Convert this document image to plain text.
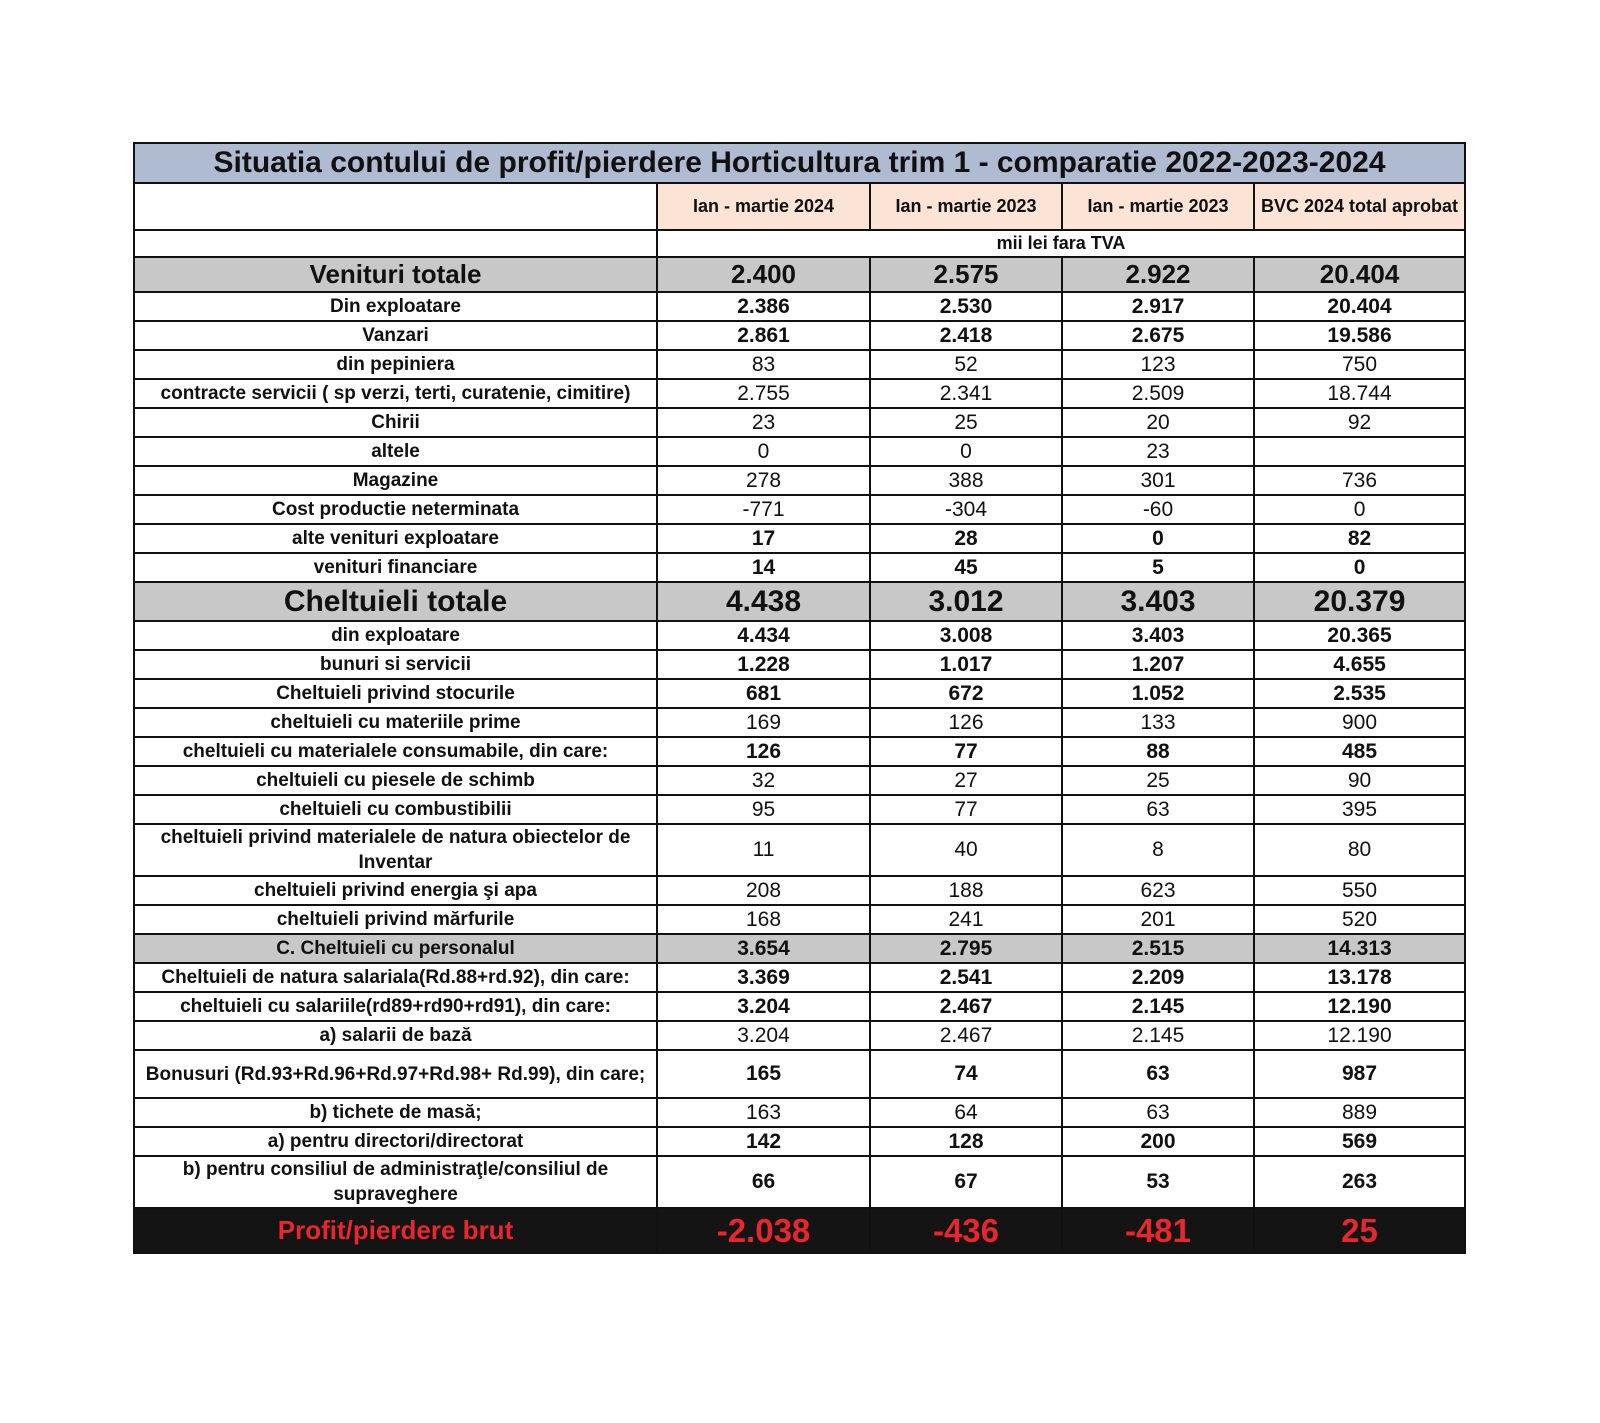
Situatia contului de profit/pierdere Horticultura trim 1 - comparatie 2022-2023-2024				
	Ian - martie 2024	Ian - martie 2023	Ian - martie 2023	BVC 2024 total aprobat
	mii lei fara TVA			
Venituri totale	2.400	2.575	2.922	20.404
Din exploatare	2.386	2.530	2.917	20.404
Vanzari	2.861	2.418	2.675	19.586
din pepiniera	83	52	123	750
contracte servicii ( sp verzi, terti, curatenie, cimitire)	2.755	2.341	2.509	18.744
Chirii	23	25	20	92
altele	0	0	23	
Magazine	278	388	301	736
Cost productie neterminata	-771	-304	-60	0
alte venituri exploatare	17	28	0	82
venituri financiare	14	45	5	0
Cheltuieli totale	4.438	3.012	3.403	20.379
din exploatare	4.434	3.008	3.403	20.365
bunuri si servicii	1.228	1.017	1.207	4.655
Cheltuieli privind stocurile	681	672	1.052	2.535
cheltuieli cu materiile prime	169	126	133	900
cheltuieli cu materialele consumabile, din care:	126	77	88	485
cheltuieli cu piesele de schimb	32	27	25	90
cheltuieli cu combustibilii	95	77	63	395
cheltuieli privind materialele de natura obiectelor de Inventar	11	40	8	80
cheltuieli privind energia şi apa	208	188	623	550
cheltuieli privind mărfurile	168	241	201	520
C. Cheltuieli cu personalul	3.654	2.795	2.515	14.313
Cheltuieli de natura salariala(Rd.88+rd.92), din care:	3.369	2.541	2.209	13.178
cheltuieli cu salariile(rd89+rd90+rd91), din care:	3.204	2.467	2.145	12.190
a) salarii de bază	3.204	2.467	2.145	12.190
Bonusuri (Rd.93+Rd.96+Rd.97+Rd.98+ Rd.99), din care;	165	74	63	987
b) tichete de masă;	163	64	63	889
a) pentru directori/directorat	142	128	200	569
b) pentru consiliul de administraţle/consiliul de supraveghere	66	67	53	263
Profit/pierdere brut	-2.038	-436	-481	25
